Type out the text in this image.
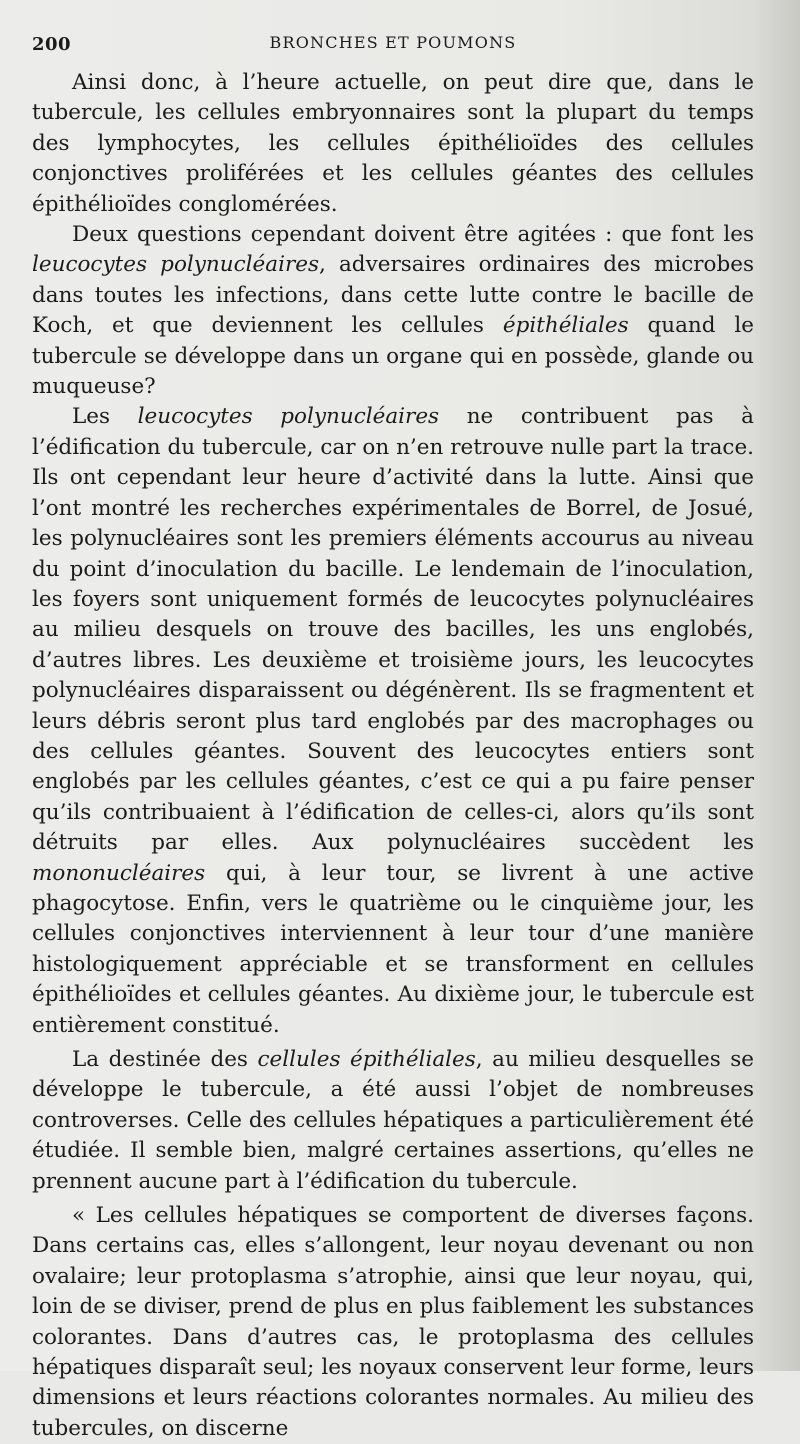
200	BRONCHES ET POUMONS

Ainsi donc, à l’heure actuelle, on peut dire que, dans le tubercule, les cellules embryonnaires sont la plupart du temps des lymphocytes, les cellules épithélioïdes des cellules conjonctives proliférées et les cellules géantes des cellules épithélioïdes conglomérées.

Deux questions cependant doivent être agitées : que font les leucocytes polynucléaires, adversaires ordinaires des microbes dans toutes les infections, dans cette lutte contre le bacille de Koch, et que deviennent les cellules épithéliales quand le tubercule se développe dans un organe qui en possède, glande ou muqueuse?

Les leucocytes polynucléaires ne contribuent pas à l’édification du tubercule, car on n’en retrouve nulle part la trace. Ils ont cependant leur heure d’activité dans la lutte. Ainsi que l’ont montré les recherches expérimentales de Borrel, de Josué, les polynucléaires sont les premiers éléments accourus au niveau du point d’inoculation du bacille. Le lendemain de l’inoculation, les foyers sont uniquement formés de leucocytes polynucléaires au milieu desquels on trouve des bacilles, les uns englobés, d’autres libres. Les deuxième et troisième jours, les leucocytes polynucléaires disparaissent ou dégénèrent. Ils se fragmentent et leurs débris seront plus tard englobés par des macrophages ou des cellules géantes. Souvent des leucocytes entiers sont englobés par les cellules géantes, c’est ce qui a pu faire penser qu’ils contribuaient à l’édification de celles-ci, alors qu’ils sont détruits par elles. Aux polynucléaires succèdent les mononucléaires qui, à leur tour, se livrent à une active phagocytose. Enfin, vers le quatrième ou le cinquième jour, les cellules conjonctives interviennent à leur tour d’une manière histologiquement appréciable et se transforment en cellules épithélioïdes et cellules géantes. Au dixième jour, le tubercule est entièrement constitué.

La destinée des cellules épithéliales, au milieu desquelles se développe le tubercule, a été aussi l’objet de nombreuses controverses. Celle des cellules hépatiques a particulièrement été étudiée. Il semble bien, malgré certaines assertions, qu’elles ne prennent aucune part à l’édification du tubercule.

« Les cellules hépatiques se comportent de diverses façons. Dans certains cas, elles s’allongent, leur noyau devenant ou non ovalaire; leur protoplasma s’atrophie, ainsi que leur noyau, qui, loin de se diviser, prend de plus en plus faiblement les substances colorantes. Dans d’autres cas, le protoplasma des cellules hépatiques disparaît seul; les noyaux conservent leur forme, leurs dimensions et leurs réactions colorantes normales. Au milieu des tubercules, on discerne
